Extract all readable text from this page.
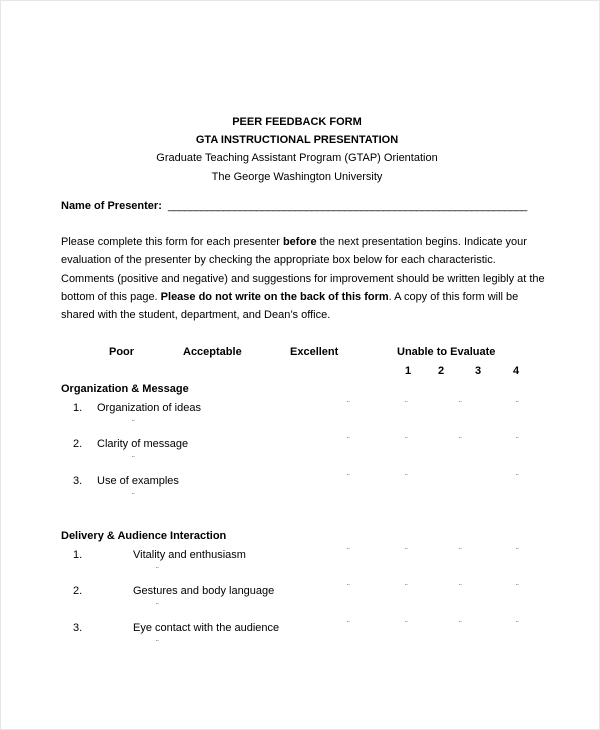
PEER FEEDBACK FORM
GTA INSTRUCTIONAL PRESENTATION
Graduate Teaching Assistant Program (GTAP) Orientation
The George Washington University
Name of Presenter: _________________________________________________________________
Please complete this form for each presenter before the next presentation begins. Indicate your
evaluation of the presenter by checking the appropriate box below for each characteristic.
Comments (positive and negative) and suggestions for improvement should be written legibly at the
bottom of this page. Please do not write on the back of this form. A copy of this form will be
shared with the student, department, and Dean’s office.
Poor	Acceptable	Excellent	Unable to Evaluate
1 2	3	4
Organization & Message
1. Organization of ideas	¨	¨	¨	¨
¨
2. Clarity of message	¨	¨	¨	¨
¨
3. Use of examples	¨	¨	¨
¨
Delivery & Audience Interaction
1.	Vitality and enthusiasm	¨	¨	¨	¨
¨
2.	Gestures and body language	¨	¨	¨	¨
¨
3.	Eye contact with the audience	¨	¨	¨	¨
¨
